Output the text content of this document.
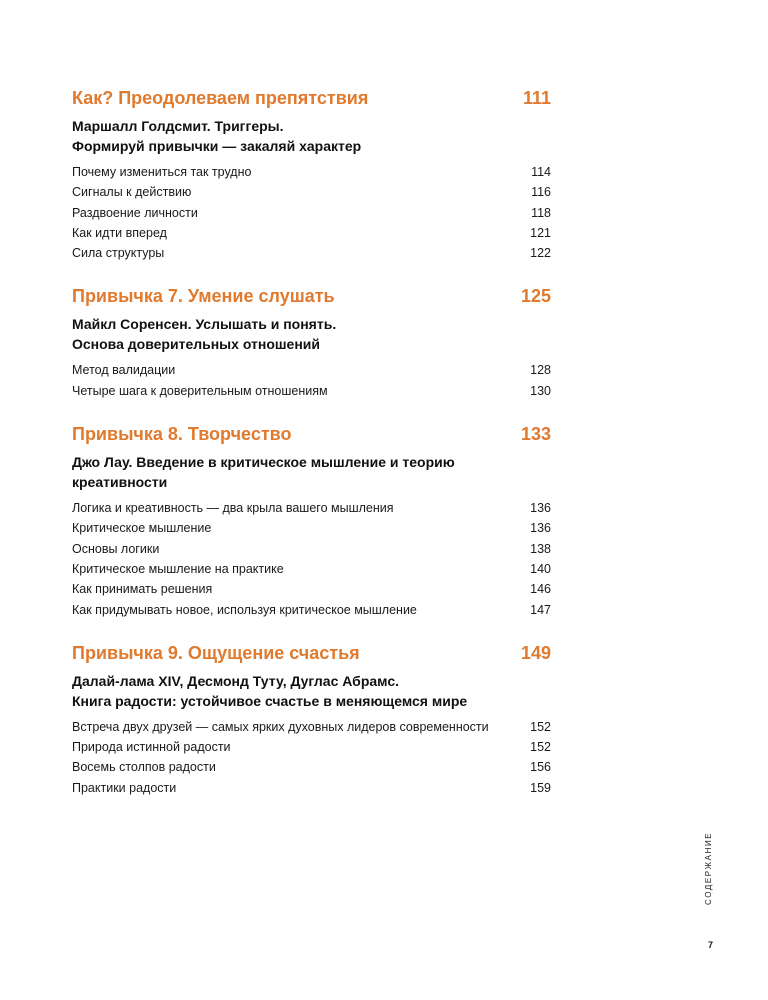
Как? Преодолеваем препятствия	111
Маршалл Голдсмит. Триггеры.
Формируй привычки — закаляй характер
Почему измениться так трудно	114
Сигналы к действию	116
Раздвоение личности	118
Как идти вперед	121
Сила структуры	122
Привычка 7. Умение слушать	125
Майкл Соренсен. Услышать и понять.
Основа доверительных отношений
Метод валидации	128
Четыре шага к доверительным отношениям	130
Привычка 8. Творчество	133
Джо Лау. Введение в критическое мышление и теорию
креативности
Логика и креативность — два крыла вашего мышления	136
Критическое мышление	136
Основы логики	138
Критическое мышление на практике	140
Как принимать решения	146
Как придумывать новое, используя критическое мышление	147
Привычка 9. Ощущение счастья	149
Далай-лама XIV, Десмонд Туту, Дуглас Абрамс.
Книга радости: устойчивое счастье в меняющемся мире
Встреча двух друзей — самых ярких духовных лидеров современности	152
Природа истинной радости	152
Восемь столпов радости	156
Практики радости	159
СОДЕРЖАНИЕ
7
